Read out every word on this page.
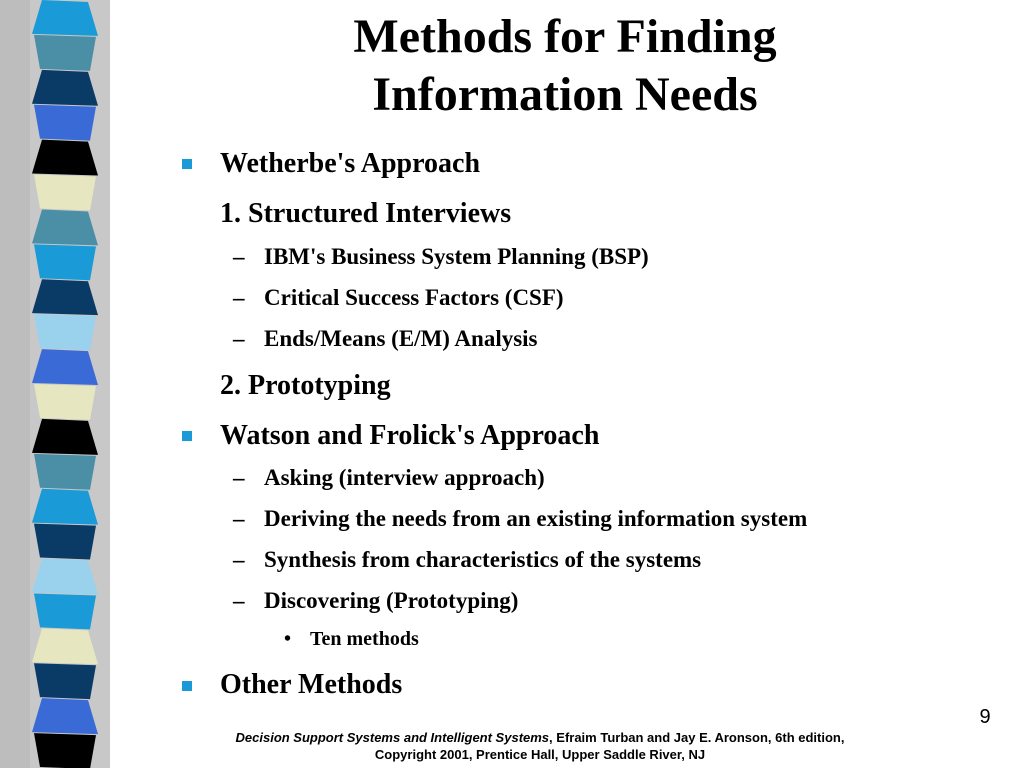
Methods for Finding
Information Needs
Wetherbe's Approach
1. Structured Interviews
– IBM's Business System Planning (BSP)
– Critical Success Factors (CSF)
– Ends/Means (E/M) Analysis
2. Prototyping
Watson and Frolick's Approach
– Asking (interview approach)
– Deriving the needs from an existing information system
– Synthesis from characteristics of the systems
– Discovering (Prototyping)
• Ten methods
Other Methods
9
Decision Support Systems and Intelligent Systems, Efraim Turban and Jay E. Aronson, 6th edition,
Copyright 2001, Prentice Hall, Upper Saddle River, NJ
